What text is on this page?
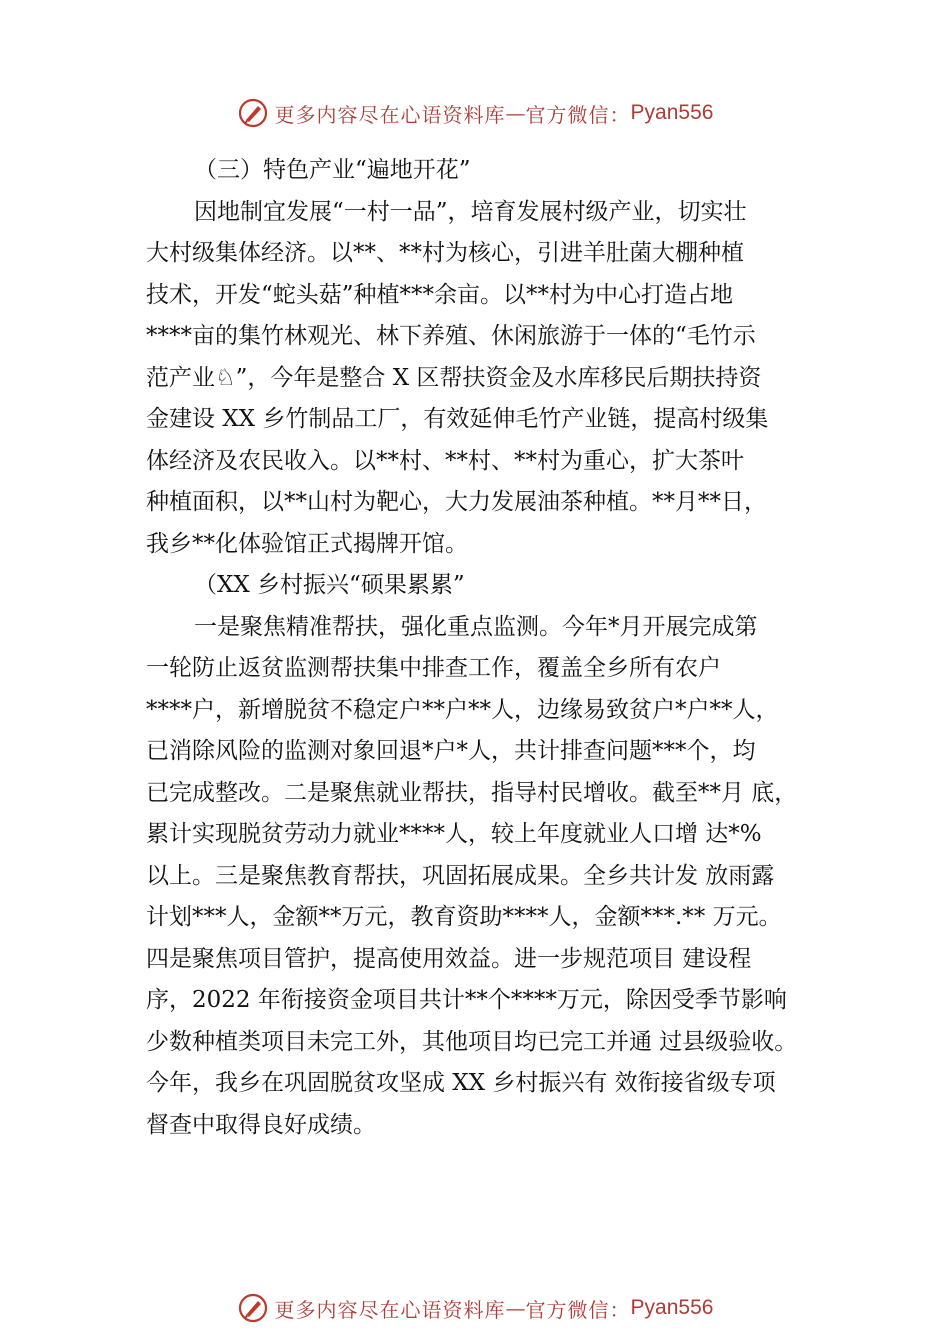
更多内容尽在心语资料库 — 官方微信： Pyan556
（三）特色产业“遍地开花”
因地制宜发展“一村一品”，培育发展村级产业，切实壮
大村级集体经济。以**、**村为核心，引进羊肚菌大棚种植
技术，开发“蛇头菇”种植***余亩。以**村为中心打造占地
****亩的集竹林观光、林下养殖、休闲旅游于一体的“毛竹示
范产业♘”，今年是整合 X 区帮扶资金及水库移民后期扶持资
金建设 XX 乡竹制品工厂，有效延伸毛竹产业链，提高村级集
体经济及农民收入。以**村、**村、**村为重心，扩大茶叶
种植面积，以**山村为靶心，大力发展油茶种植。**月**日，
我乡**化体验馆正式揭牌开馆。
（XX 乡村振兴“硕果累累”
一是聚焦精准帮扶，强化重点监测。今年*月开展完成第
一轮防止返贫监测帮扶集中排查工作，覆盖全乡所有农户
****户，新增脱贫不稳定户**户**人，边缘易致贫户*户**人，
已消除风险的监测对象回退*户*人，共计排查问题***个，均
已完成整改。二是聚焦就业帮扶，指导村民增收。截至**月 底，
累计实现脱贫劳动力就业****人，较上年度就业人口增 达*%
以上。三是聚焦教育帮扶，巩固拓展成果。全乡共计发 放雨露
计划***人，金额**万元，教育资助****人，金额***.** 万元。
四是聚焦项目管护，提高使用效益。进一步规范项目 建设程
序，2022 年衔接资金项目共计**个****万元，除因受季节影响
少数种植类项目未完工外，其他项目均已完工并通 过县级验收。
今年，我乡在巩固脱贫攻坚成 XX 乡村振兴有 效衔接省级专项
督查中取得良好成绩。
更多内容尽在心语资料库 — 官方微信： Pyan556
